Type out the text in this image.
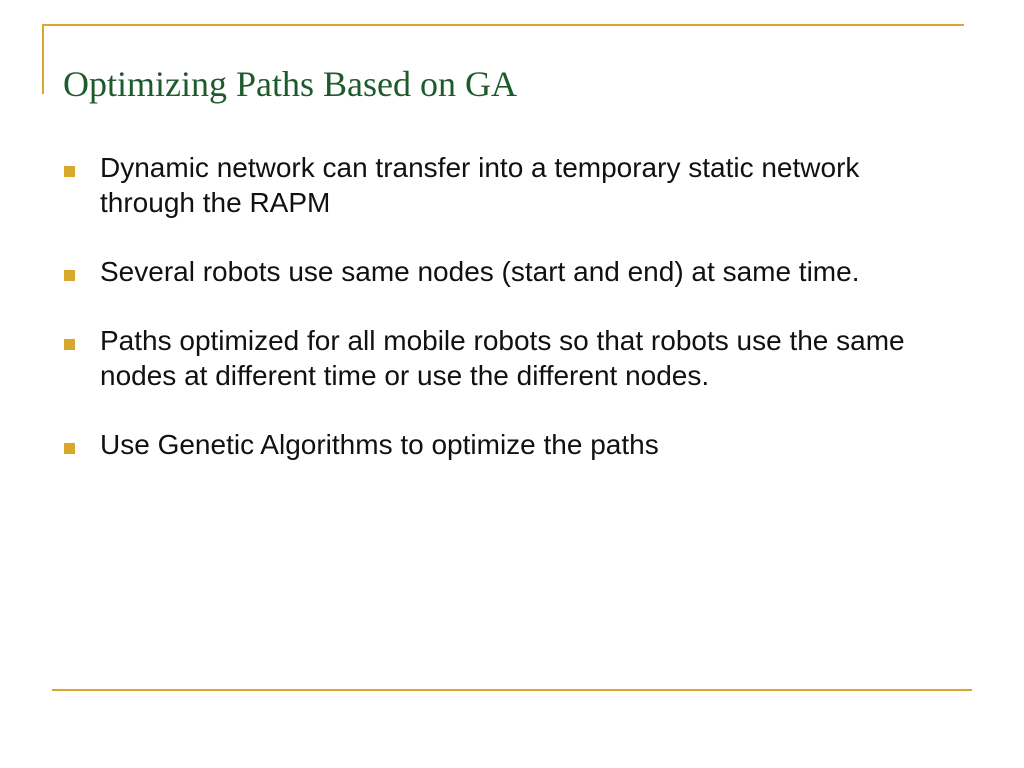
Optimizing Paths Based on GA
Dynamic network can transfer into a temporary static network through the RAPM
Several robots use same nodes (start and end) at same time.
Paths optimized for all mobile robots so that robots use the same nodes at different time or use the different nodes.
Use Genetic Algorithms to optimize the paths
